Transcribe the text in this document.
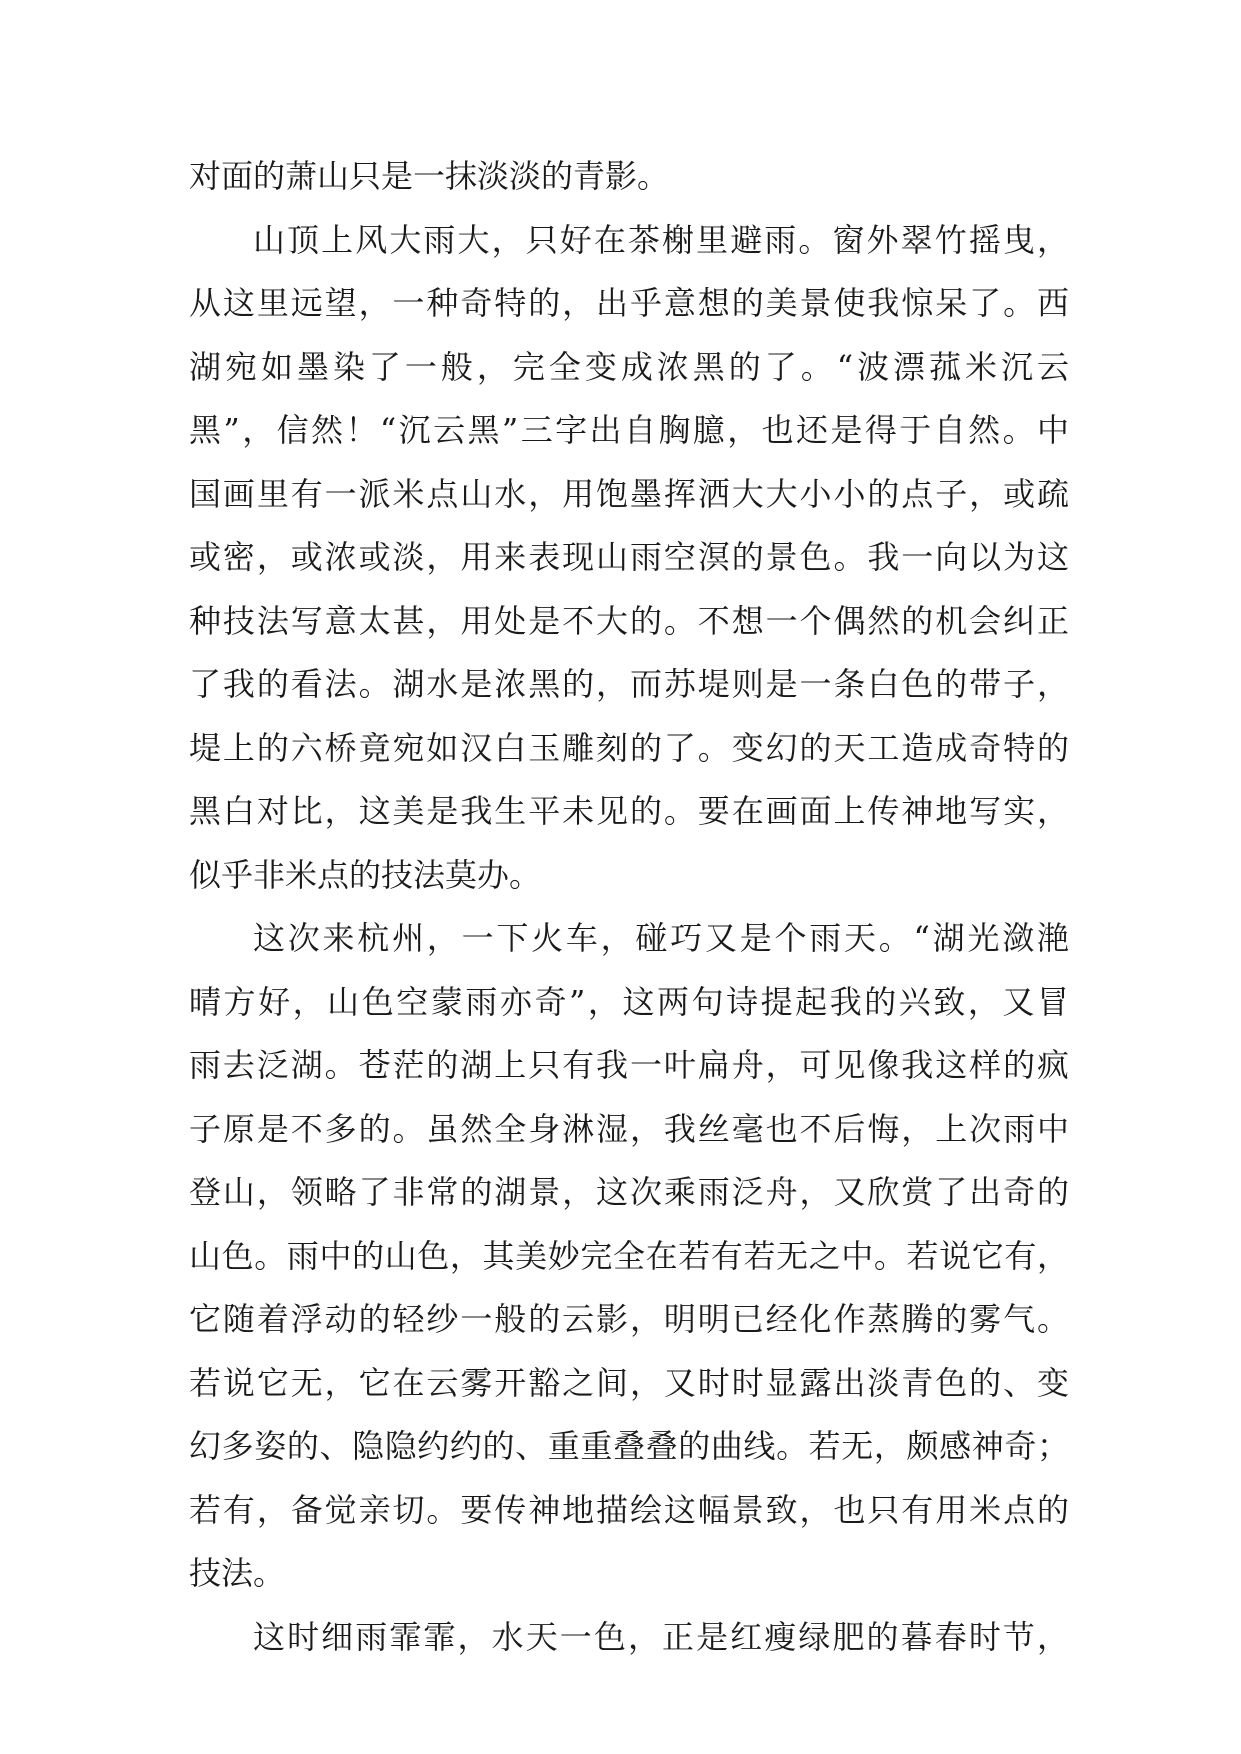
对面的萧山只是一抹淡淡的青影。
山顶上风大雨大，只好在茶榭里避雨。窗外翠竹摇曳，
从这里远望，一种奇特的，出乎意想的美景使我惊呆了。西
湖宛如墨染了一般，完全变成浓黑的了。“波漂菰米沉云
黑”，信然！“沉云黑”三字出自胸臆，也还是得于自然。中
国画里有一派米点山水，用饱墨挥洒大大小小的点子，或疏
或密，或浓或淡，用来表现山雨空溟的景色。我一向以为这
种技法写意太甚，用处是不大的。不想一个偶然的机会纠正
了我的看法。湖水是浓黑的，而苏堤则是一条白色的带子，
堤上的六桥竟宛如汉白玉雕刻的了。变幻的天工造成奇特的
黑白对比，这美是我生平未见的。要在画面上传神地写实，
似乎非米点的技法莫办。
这次来杭州，一下火车，碰巧又是个雨天。“湖光潋滟
晴方好，山色空蒙雨亦奇”，这两句诗提起我的兴致，又冒
雨去泛湖。苍茫的湖上只有我一叶扁舟，可见像我这样的疯
子原是不多的。虽然全身淋湿，我丝毫也不后悔，上次雨中
登山，领略了非常的湖景，这次乘雨泛舟，又欣赏了出奇的
山色。雨中的山色，其美妙完全在若有若无之中。若说它有，
它随着浮动的轻纱一般的云影，明明已经化作蒸腾的雾气。
若说它无，它在云雾开豁之间，又时时显露出淡青色的、变
幻多姿的、隐隐约约的、重重叠叠的曲线。若无，颇感神奇；
若有，备觉亲切。要传神地描绘这幅景致，也只有用米点的
技法。
这时细雨霏霏，水天一色，正是红瘦绿肥的暮春时节，
